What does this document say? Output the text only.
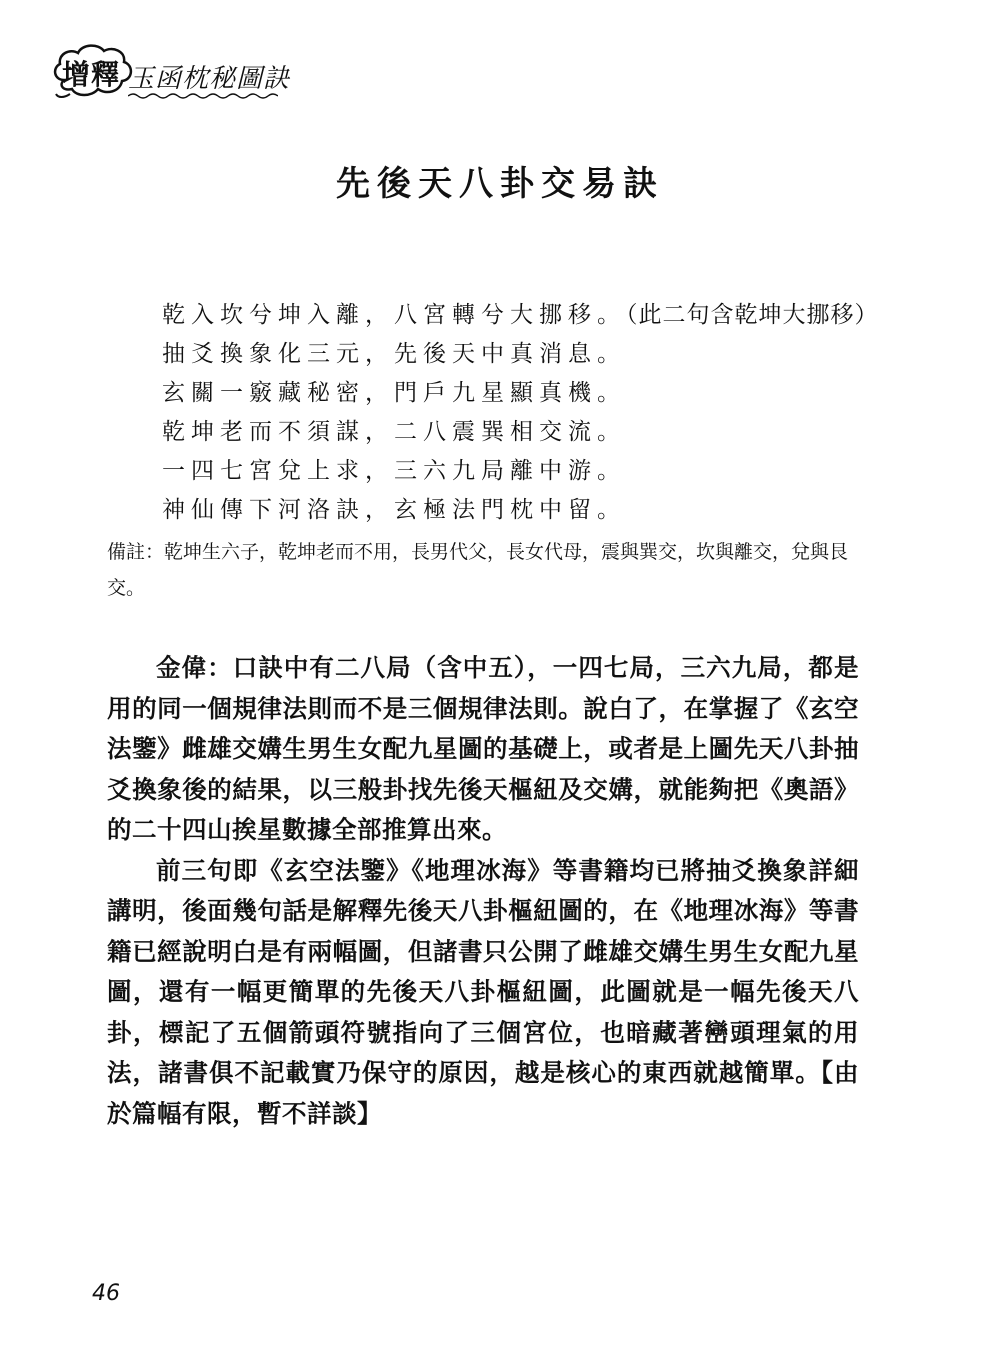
增釋 玉函枕秘圖訣
先後天八卦交易訣
乾入坎兮坤入離，八宮轉兮大挪移。（此二句含乾坤大挪移）
抽爻換象化三元，先後天中真消息。
玄關一竅藏秘密，門戶九星顯真機。
乾坤老而不須謀，二八震巽相交流。
一四七宮兌上求，三六九局離中游。
神仙傳下河洛訣，玄極法門枕中留。
備註：乾坤生六子，乾坤老而不用，長男代父，長女代母，震與巽交，坎與離交，兌與艮交。

金偉：口訣中有二八局（含中五），一四七局，三六九局，都是用的同一個規律法則而不是三個規律法則。說白了，在掌握了《玄空法鑒》雌雄交媾生男生女配九星圖的基礎上，或者是上圖先天八卦抽爻換象後的結果，以三般卦找先後天樞紐及交媾，就能夠把《奧語》的二十四山挨星數據全部推算出來。

前三句即《玄空法鑒》《地理冰海》等書籍均已將抽爻換象詳細講明，後面幾句話是解釋先後天八卦樞紐圖的，在《地理冰海》等書籍已經說明白是有兩幅圖，但諸書只公開了雌雄交媾生男生女配九星圖，還有一幅更簡單的先後天八卦樞紐圖，此圖就是一幅先後天八卦，標記了五個箭頭符號指向了三個宮位，也暗藏著巒頭理氣的用法，諸書俱不記載實乃保守的原因，越是核心的東西就越簡單。【由於篇幅有限，暫不詳談】

46
